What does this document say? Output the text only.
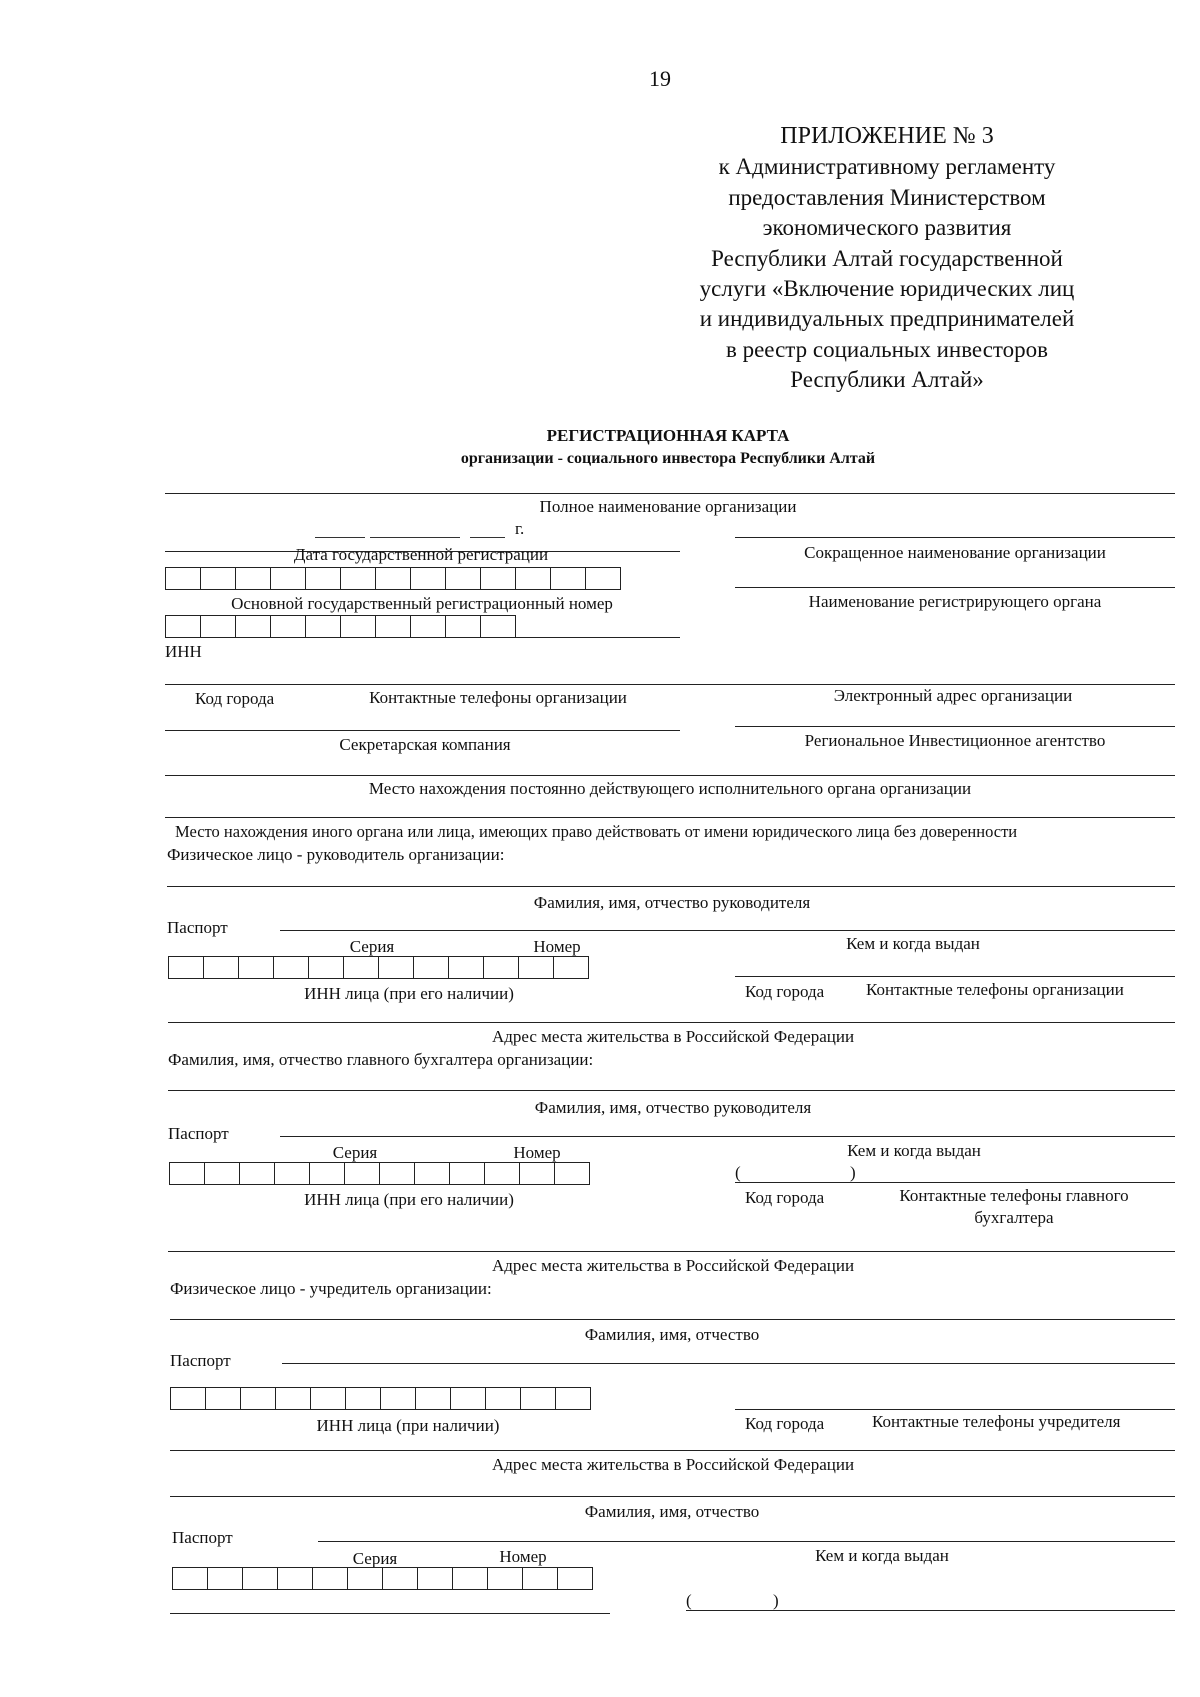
19
ПРИЛОЖЕНИЕ № 3
к Административному регламенту
предоставления Министерством
экономического развития
Республики Алтай государственной
услуги «Включение юридических лиц
и индивидуальных предпринимателей
в реестр социальных инвесторов
Республики Алтай»
РЕГИСТРАЦИОННАЯ КАРТА
организации - социального инвестора Республики Алтай
Полное наименование организации
г.
Дата государственной регистрации	Сокращенное наименование организации
Основной государственный регистрационный номер	Наименование регистрирующего органа
ИНН
Код города	Контактные телефоны организации	Электронный адрес организации
Секретарская компания	Региональное Инвестиционное агентство
Место нахождения постоянно действующего исполнительного органа организации
Место нахождения иного органа или лица, имеющих право действовать от имени юридического лица без доверенности
Физическое лицо - руководитель организации:
Фамилия, имя, отчество руководителя
Паспорт
Серия	Номер	Кем и когда выдан
ИНН лица (при его наличии)	Код города Контактные телефоны организации
Адрес места жительства в Российской Федерации
Фамилия, имя, отчество главного бухгалтера организации:
Фамилия, имя, отчество руководителя
Паспорт
Серия	Номер	Кем и когда выдан
(	)
ИНН лица (при его наличии)	Код города	Контактные телефоны главного
бухгалтера
Адрес места жительства в Российской Федерации
Физическое лицо - учредитель организации:
Фамилия, имя, отчество
Паспорт
ИНН лица (при наличии)	Код города	Контактные телефоны учредителя
Адрес места жительства в Российской Федерации
Фамилия, имя, отчество
Паспорт
Серия	Номер	Кем и когда выдан
(	)
